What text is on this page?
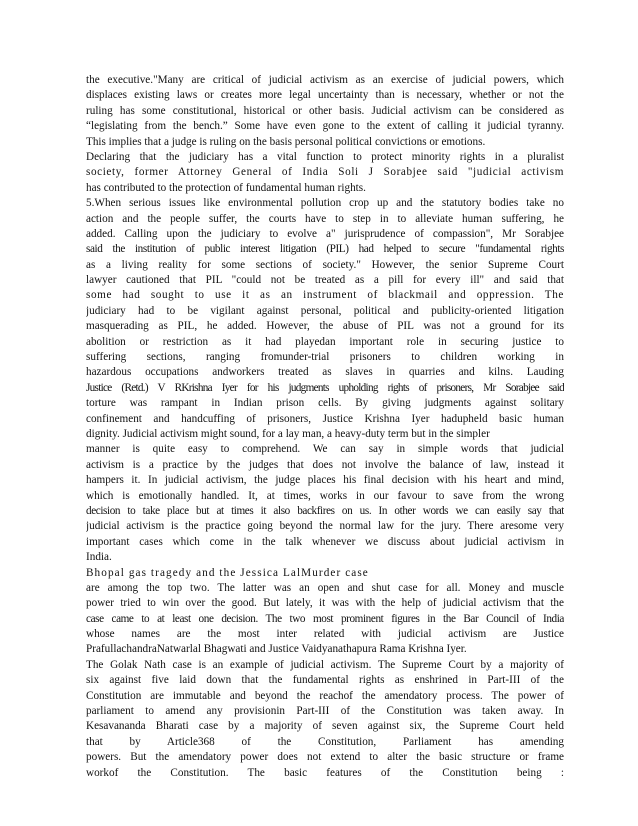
the executive."Many are critical of judicial activism as an exercise of judicial powers, which
displaces existing laws or creates more legal uncertainty than is necessary, whether or not the
ruling has some constitutional, historical or other basis. Judicial activism can be considered as
“legislating from the bench.” Some have even gone to the extent of calling it judicial tyranny.
This implies that a judge is ruling on the basis personal political convictions or emotions.
Declaring that the judiciary has a vital function to protect minority rights in a pluralist
society, former Attorney General of India Soli J Sorabjee said "judicial activism
has contributed to the protection of fundamental human rights.
5.When serious issues like environmental pollution crop up and the statutory bodies take no
action and the people suffer, the courts have to step in to alleviate human suffering, he
added. Calling upon the judiciary to evolve a" jurisprudence of compassion", Mr Sorabjee
said the institution of public interest litigation (PIL) had helped to secure "fundamental rights
as a living reality for some sections of society." However, the senior Supreme Court
lawyer cautioned that PIL "could not be treated as a pill for every ill" and said that
some had sought to use it as an instrument of blackmail and oppression. The
judiciary had to be vigilant against personal, political and publicity-oriented litigation
masquerading as PIL, he added. However, the abuse of PIL was not a ground for its
abolition or restriction as it had playedan important role in securing justice to
suffering sections, ranging fromunder-trial prisoners to children working in
hazardous occupations andworkers treated as slaves in quarries and kilns. Lauding
Justice (Retd.) V RKrishna Iyer for his judgments upholding rights of prisoners, Mr Sorabjee said
torture was rampant in Indian prison cells. By giving judgments against solitary
confinement and handcuffing of prisoners, Justice Krishna Iyer hadupheld basic human
dignity. Judicial activism might sound, for a lay man, a heavy-duty term but in the simpler
manner is quite easy to comprehend. We can say in simple words that judicial
activism is a practice by the judges that does not involve the balance of law, instead it
hampers it. In judicial activism, the judge places his final decision with his heart and mind,
which is emotionally handled. It, at times, works in our favour to save from the wrong
decision to take place but at times it also backfires on us. In other words we can easily say that
judicial activism is the practice going beyond the normal law for the jury. There aresome very
important cases which come in the talk whenever we discuss about judicial activism in
India.
Bhopal gas tragedy and the Jessica LalMurder case
are among the top two. The latter was an open and shut case for all. Money and muscle
power tried to win over the good. But lately, it was with the help of judicial activism that the
case came to at least one decision. The two most prominent figures in the Bar Council of India
whose names are the most inter related with judicial activism are Justice
PrafullachandraNatwarlal Bhagwati and Justice Vaidyanathapura Rama Krishna Iyer.
The Golak Nath case is an example of judicial activism. The Supreme Court by a majority of
six against five laid down that the fundamental rights as enshrined in Part-III of the
Constitution are immutable and beyond the reachof the amendatory process. The power of
parliament to amend any provisionin Part-III of the Constitution was taken away. In
Kesavananda Bharati case by a majority of seven against six, the Supreme Court held
that by Article368 of the Constitution, Parliament has amending
powers. But the amendatory power does not extend to alter the basic structure or frame
workof the Constitution. The basic features of the Constitution being :
